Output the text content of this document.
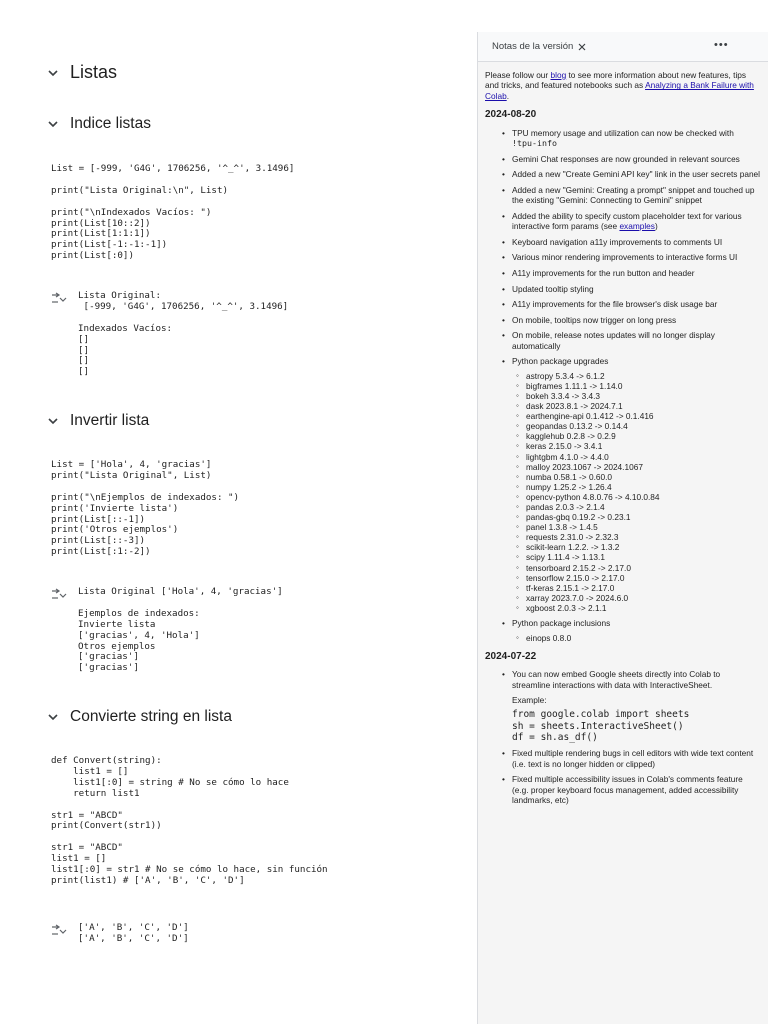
Listas
Indice listas
List = [-999, 'G4G', 1706256, '^_^', 3.1496]

print("Lista Original:\n", List)

print("\nIndexados Vacíos: ")
print(List[10::2])
print(List[1:1:1])
print(List[-1:-1:-1])
print(List[:0])
Lista Original:
[-999, 'G4G', 1706256, '^_^', 3.1496]

Indexados Vacíos:
[]
[]
[]
[]
Invertir lista
List = ['Hola', 4, 'gracias']
print("Lista Original", List)

print("\nEjemplos de indexados: ")
print('Invierte lista')
print(List[::-1])
print('Otros ejemplos')
print(List[::-3])
print(List[:1:-2])
Lista Original ['Hola', 4, 'gracias']

Ejemplos de indexados:
Invierte lista
['gracias', 4, 'Hola']
Otros ejemplos
['gracias']
['gracias']
Convierte string en lista
def Convert(string):
list1 = []
list1[:0] = string # No se cómo lo hace
return list1

str1 = "ABCD"
print(Convert(str1))

str1 = "ABCD"
list1 = []
list1[:0] = str1 # No se cómo lo hace, sin función
print(list1) # ['A', 'B', 'C', 'D']
['A', 'B', 'C', 'D']
['A', 'B', 'C', 'D']
Notas de la versión	•••

Please follow our blog to see more information about new features, tips and tricks, and featured notebooks such as Analyzing a Bank Failure with Colab.

2024-08-20
• TPU memory usage and utilization can now be checked with !tpu-info
• Gemini Chat responses are now grounded in relevant sources
• Added a new "Create Gemini API key" link in the user secrets panel
• Added a new "Gemini: Creating a prompt" snippet and touched up the existing "Gemini: Connecting to Gemini" snippet
• Added the ability to specify custom placeholder text for various interactive form params (see examples)
• Keyboard navigation a11y improvements to comments UI
• Various minor rendering improvements to interactive forms UI
• A11y improvements for the run button and header
• Updated tooltip styling
• A11y improvements for the file browser's disk usage bar
• On mobile, tooltips now trigger on long press
• On mobile, release notes updates will no longer display automatically
• Python package upgrades
◦ astropy 5.3.4 -> 6.1.2
◦ bigframes 1.11.1 -> 1.14.0
◦ bokeh 3.3.4 -> 3.4.3
◦ dask 2023.8.1 -> 2024.7.1
◦ earthengine-api 0.1.412 -> 0.1.416
◦ geopandas 0.13.2 -> 0.14.4
◦ kagglehub 0.2.8 -> 0.2.9
◦ keras 2.15.0 -> 3.4.1
◦ lightgbm 4.1.0 -> 4.4.0
◦ malloy 2023.1067 -> 2024.1067
◦ numba 0.58.1 -> 0.60.0
◦ numpy 1.25.2 -> 1.26.4
◦ opencv-python 4.8.0.76 -> 4.10.0.84
◦ pandas 2.0.3 -> 2.1.4
◦ pandas-gbq 0.19.2 -> 0.23.1
◦ panel 1.3.8 -> 1.4.5
◦ requests 2.31.0 -> 2.32.3
◦ scikit-learn 1.2.2. -> 1.3.2
◦ scipy 1.11.4 -> 1.13.1
◦ tensorboard 2.15.2 -> 2.17.0
◦ tensorflow 2.15.0 -> 2.17.0
◦ tf-keras 2.15.1 -> 2.17.0
◦ xarray 2023.7.0 -> 2024.6.0
◦ xgboost 2.0.3 -> 2.1.1
• Python package inclusions
◦ einops 0.8.0
2024-07-22
• You can now embed Google sheets directly into Colab to streamline interactions with data with InteractiveSheet.
Example:
from google.colab import sheets
sh = sheets.InteractiveSheet()
df = sh.as_df()
• Fixed multiple rendering bugs in cell editors with wide text content (i.e. text is no longer hidden or clipped)
• Fixed multiple accessibility issues in Colab's comments feature (e.g. proper keyboard focus management, added accessibility landmarks, etc)
